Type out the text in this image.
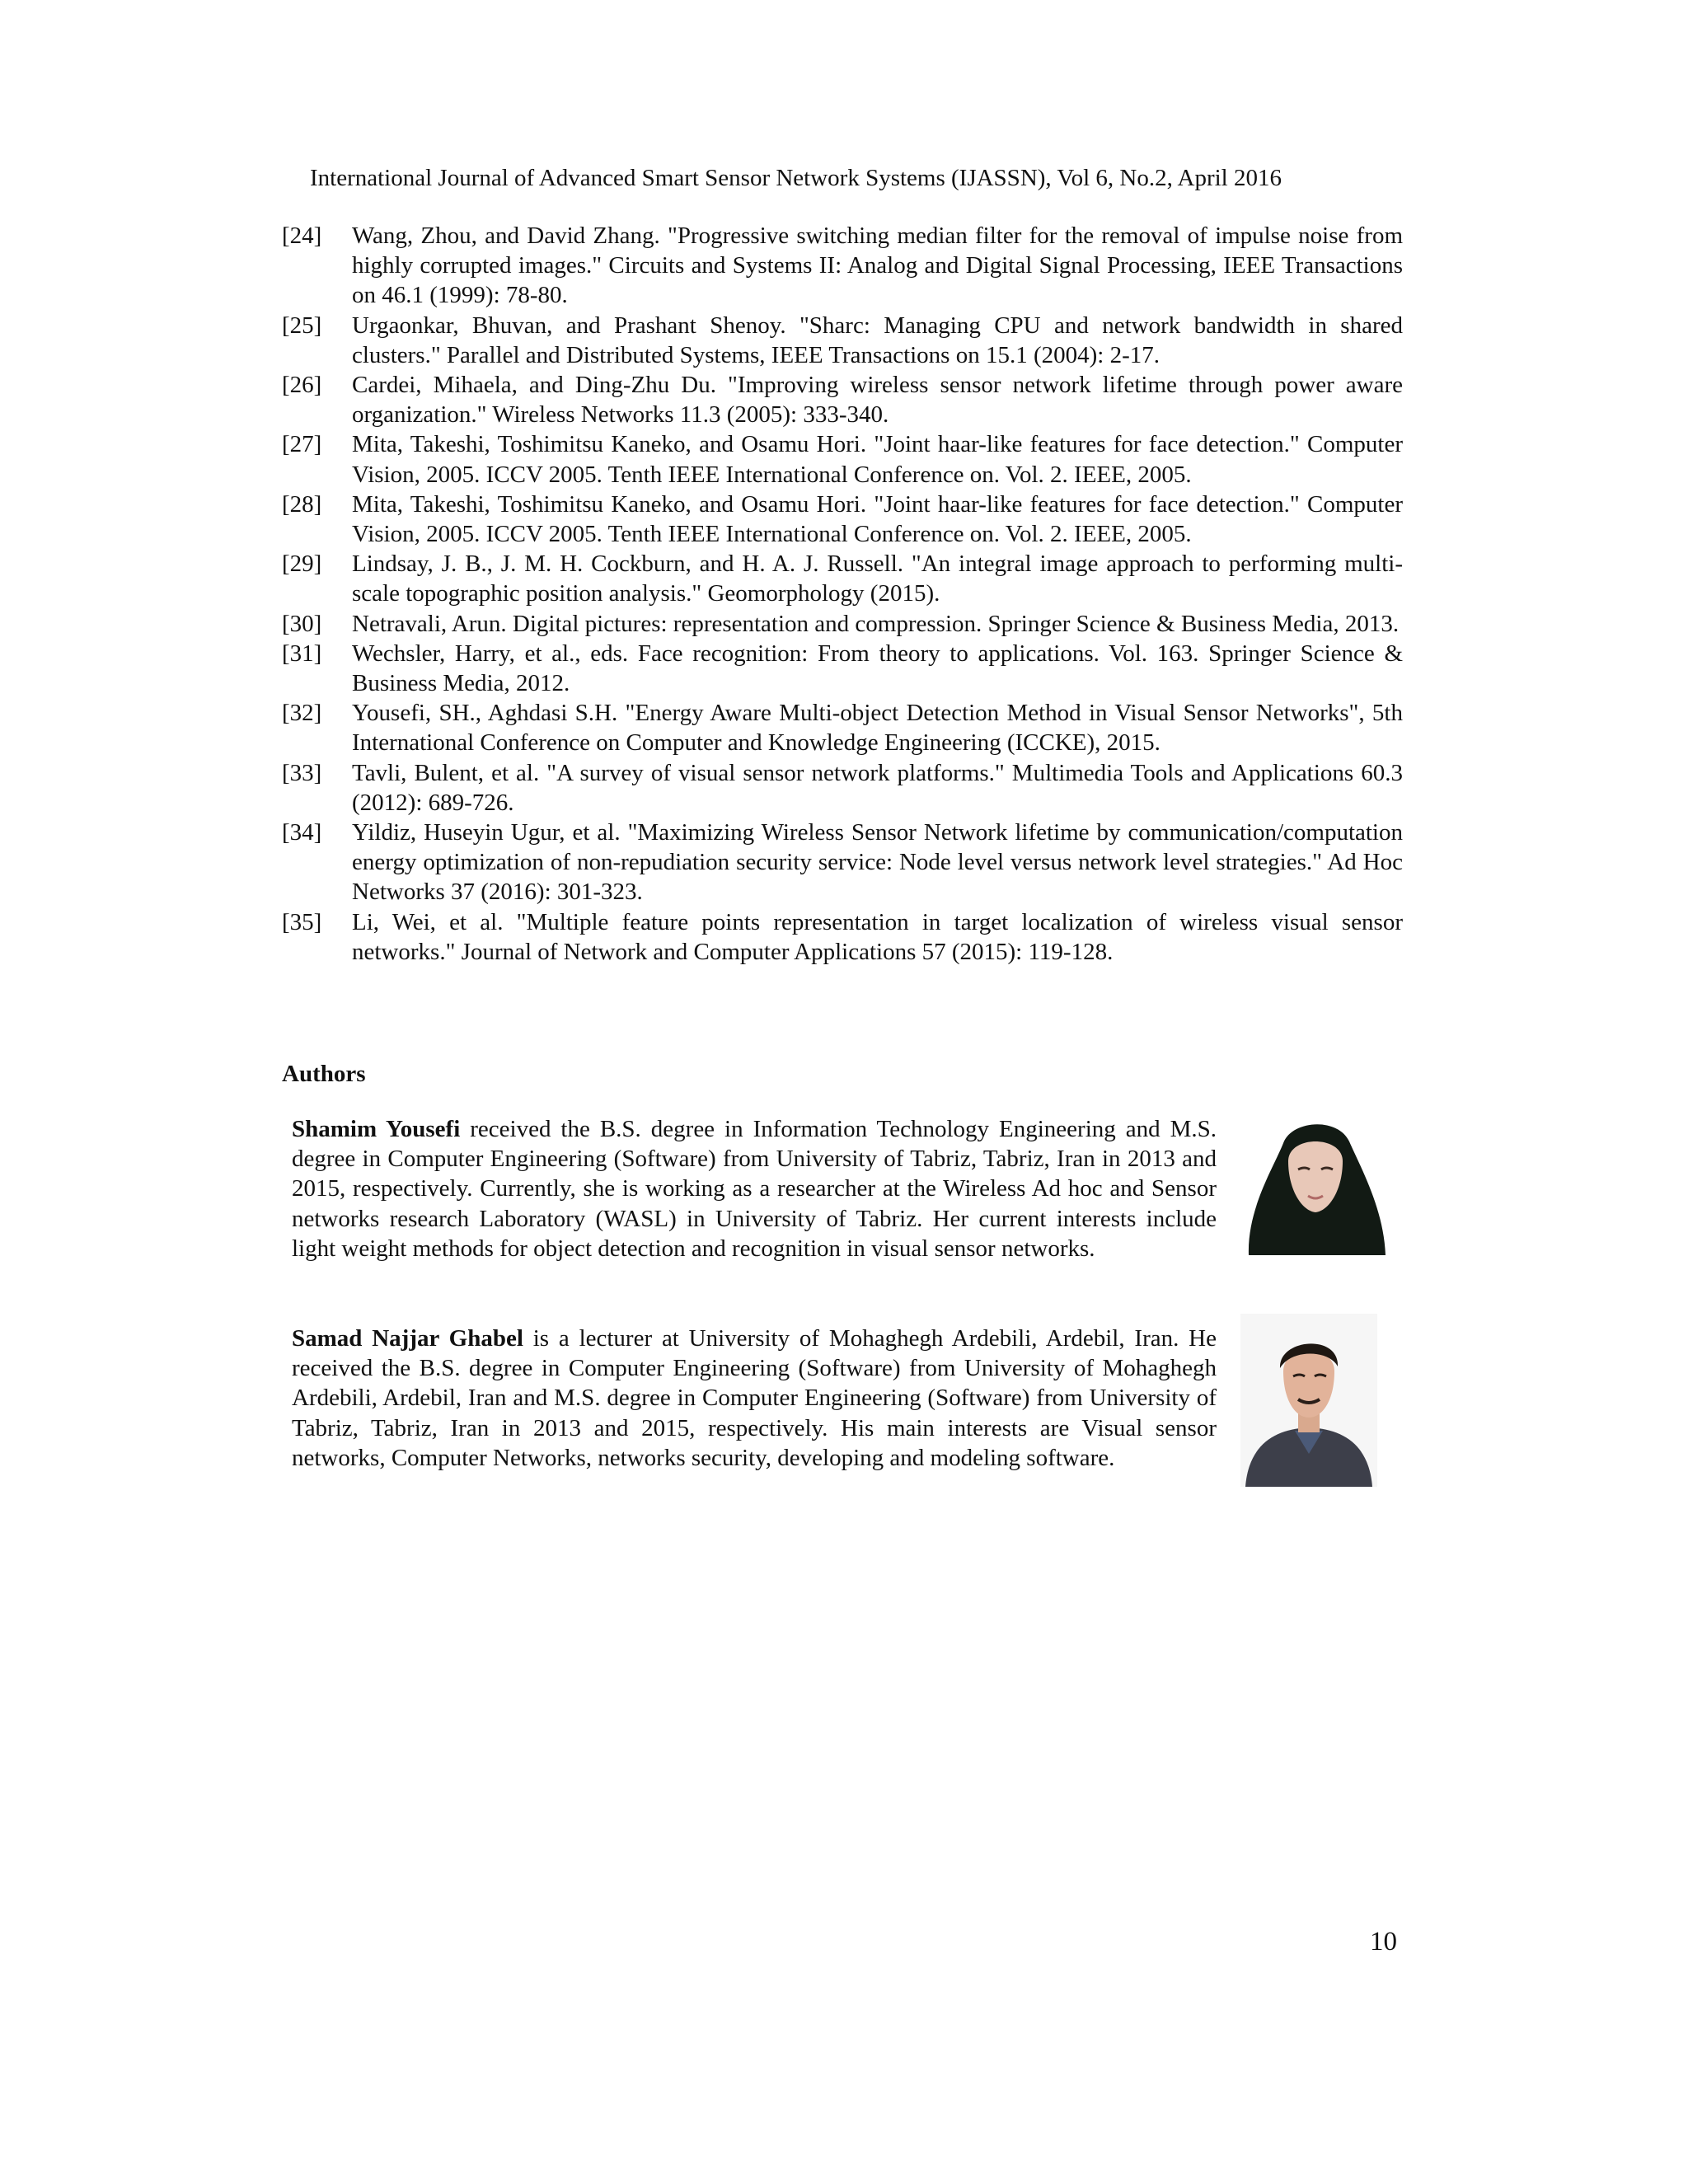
International Journal of Advanced Smart Sensor Network Systems (IJASSN), Vol 6, No.2, April 2016
[24]	Wang, Zhou, and David Zhang. "Progressive switching median filter for the removal of impulse noise from highly corrupted images." Circuits and Systems II: Analog and Digital Signal Processing, IEEE Transactions on 46.1 (1999): 78-80.
[25]	Urgaonkar, Bhuvan, and Prashant Shenoy. "Sharc: Managing CPU and network bandwidth in shared clusters." Parallel and Distributed Systems, IEEE Transactions on 15.1 (2004): 2-17.
[26]	Cardei, Mihaela, and Ding-Zhu Du. "Improving wireless sensor network lifetime through power aware organization." Wireless Networks 11.3 (2005): 333-340.
[27]	Mita, Takeshi, Toshimitsu Kaneko, and Osamu Hori. "Joint haar-like features for face detection." Computer Vision, 2005. ICCV 2005. Tenth IEEE International Conference on. Vol. 2. IEEE, 2005.
[28]	Mita, Takeshi, Toshimitsu Kaneko, and Osamu Hori. "Joint haar-like features for face detection." Computer Vision, 2005. ICCV 2005. Tenth IEEE International Conference on. Vol. 2. IEEE, 2005.
[29]	Lindsay, J. B., J. M. H. Cockburn, and H. A. J. Russell. "An integral image approach to performing multi-scale topographic position analysis." Geomorphology (2015).
[30]	Netravali, Arun. Digital pictures: representation and compression. Springer Science & Business Media, 2013.
[31]	Wechsler, Harry, et al., eds. Face recognition: From theory to applications. Vol. 163. Springer Science & Business Media, 2012.
[32]	Yousefi, SH., Aghdasi S.H. "Energy Aware Multi-object Detection Method in Visual Sensor Networks", 5th International Conference on Computer and Knowledge Engineering (ICCKE), 2015.
[33]	Tavli, Bulent, et al. "A survey of visual sensor network platforms." Multimedia Tools and Applications 60.3 (2012): 689-726.
[34]	Yildiz, Huseyin Ugur, et al. "Maximizing Wireless Sensor Network lifetime by communication/computation energy optimization of non-repudiation security service: Node level versus network level strategies." Ad Hoc Networks 37 (2016): 301-323.
[35]	Li, Wei, et al. "Multiple feature points representation in target localization of wireless visual sensor networks." Journal of Network and Computer Applications 57 (2015): 119-128.
Authors

Shamim Yousefi received the B.S. degree in Information Technology Engineering and M.S. degree in Computer Engineering (Software) from University of Tabriz, Tabriz, Iran in 2013 and 2015, respectively. Currently, she is working as a researcher at the Wireless Ad hoc and Sensor networks research Laboratory (WASL) in University of Tabriz. Her current interests include light weight methods for object detection and recognition in visual sensor networks.

Samad Najjar Ghabel is a lecturer at University of Mohaghegh Ardebili, Ardebil, Iran. He received the B.S. degree in Computer Engineering (Software) from University of Mohaghegh Ardebili, Ardebil, Iran and M.S. degree in Computer Engineering (Software) from University of Tabriz, Tabriz, Iran in 2013 and 2015, respectively. His main interests are Visual sensor networks, Computer Networks, networks security, developing and modeling software.

10
